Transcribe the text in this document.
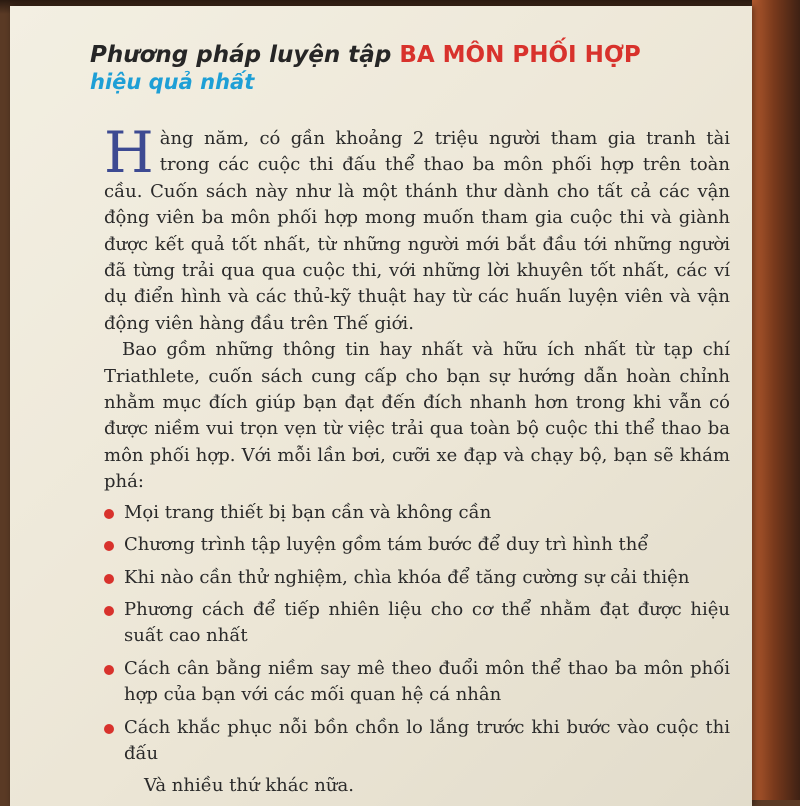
Phương pháp luyện tập BA MÔN PHỐI HỢP
hiệu quả nhất

Hàng năm, có gần khoảng 2 triệu người tham gia tranh tài trong các cuộc thi đấu thể thao ba môn phối hợp trên toàn cầu. Cuốn sách này như là một thánh thư dành cho tất cả các vận động viên ba môn phối hợp mong muốn tham gia cuộc thi và giành được kết quả tốt nhất, từ những người mới bắt đầu tới những người đã từng trải qua qua cuộc thi, với những lời khuyên tốt nhất, các ví dụ điển hình và các thủ-kỹ thuật hay từ các huấn luyện viên và vận động viên hàng đầu trên Thế giới.

Bao gồm những thông tin hay nhất và hữu ích nhất từ tạp chí Triathlete, cuốn sách cung cấp cho bạn sự hướng dẫn hoàn chỉnh nhằm mục đích giúp bạn đạt đến đích nhanh hơn trong khi vẫn có được niềm vui trọn vẹn từ việc trải qua toàn bộ cuộc thi thể thao ba môn phối hợp. Với mỗi lần bơi, cưỡi xe đạp và chạy bộ, bạn sẽ khám phá:

Mọi trang thiết bị bạn cần và không cần
Chương trình tập luyện gồm tám bước để duy trì hình thể
Khi nào cần thử nghiệm, chìa khóa để tăng cường sự cải thiện
Phương cách để tiếp nhiên liệu cho cơ thể nhằm đạt được hiệu suất cao nhất
Cách cân bằng niềm say mê theo đuổi môn thể thao ba môn phối hợp của bạn với các mối quan hệ cá nhân
Cách khắc phục nỗi bồn chồn lo lắng trước khi bước vào cuộc thi đấu

Và nhiều thứ khác nữa.
